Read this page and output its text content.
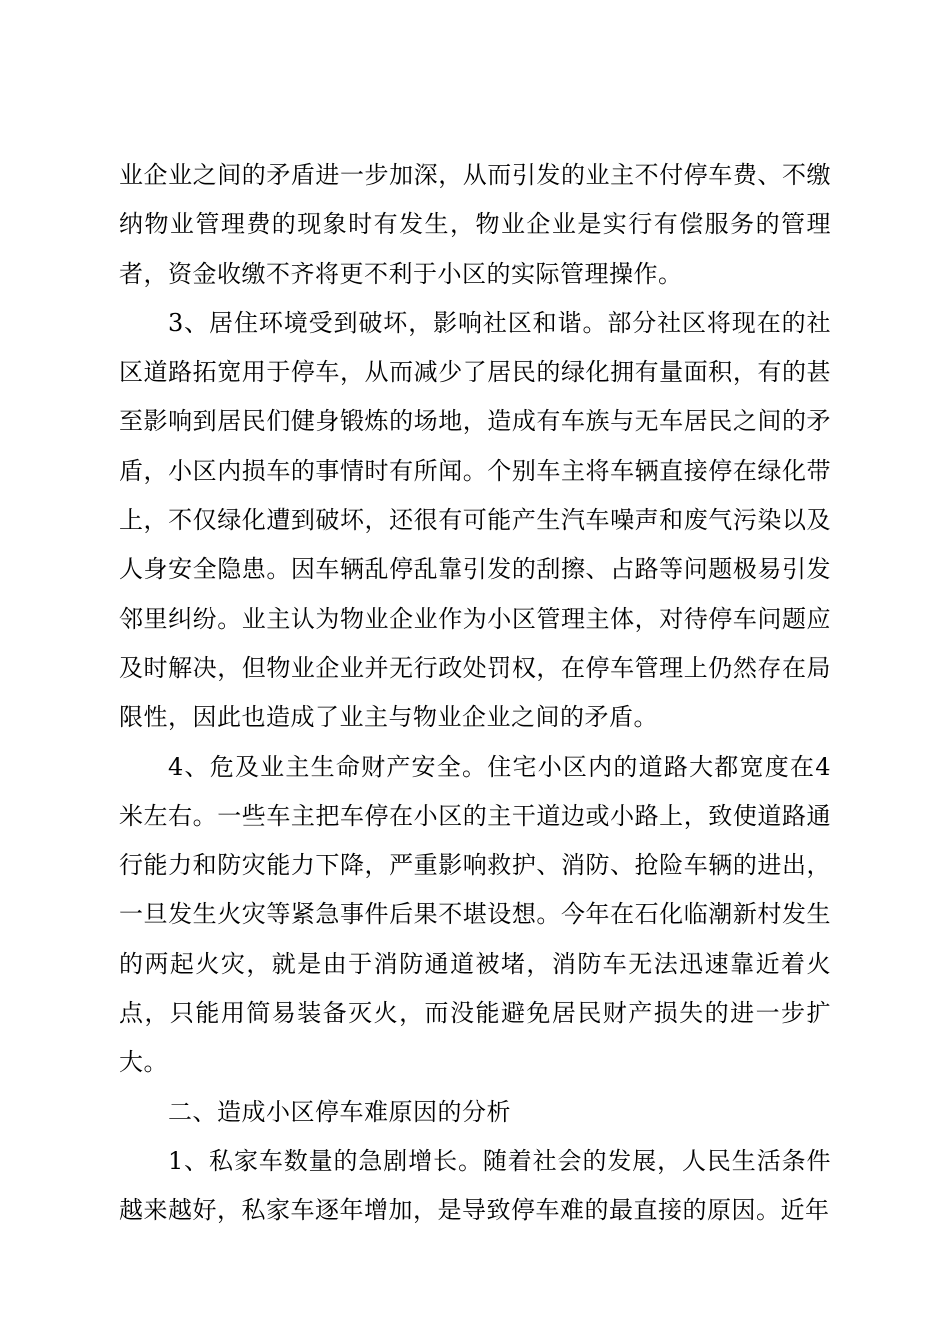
业企业之间的矛盾进一步加深，从而引发的业主不付停车费、不缴纳物业管理费的现象时有发生，物业企业是实行有偿服务的管理者，资金收缴不齐将更不利于小区的实际管理操作。

3、居住环境受到破坏，影响社区和谐。部分社区将现在的社区道路拓宽用于停车，从而减少了居民的绿化拥有量面积，有的甚至影响到居民们健身锻炼的场地，造成有车族与无车居民之间的矛盾，小区内损车的事情时有所闻。个别车主将车辆直接停在绿化带上，不仅绿化遭到破坏，还很有可能产生汽车噪声和废气污染以及人身安全隐患。因车辆乱停乱靠引发的刮擦、占路等问题极易引发邻里纠纷。业主认为物业企业作为小区管理主体，对待停车问题应及时解决，但物业企业并无行政处罚权，在停车管理上仍然存在局限性，因此也造成了业主与物业企业之间的矛盾。

4、危及业主生命财产安全。住宅小区内的道路大都宽度在4米左右。一些车主把车停在小区的主干道边或小路上，致使道路通行能力和防灾能力下降，严重影响救护、消防、抢险车辆的进出，一旦发生火灾等紧急事件后果不堪设想。今年在石化临潮新村发生的两起火灾，就是由于消防通道被堵，消防车无法迅速靠近着火点，只能用简易装备灭火，而没能避免居民财产损失的进一步扩大。

二、造成小区停车难原因的分析

1、私家车数量的急剧增长。随着社会的发展，人民生活条件越来越好，私家车逐年增加，是导致停车难的最直接的原因。近年
